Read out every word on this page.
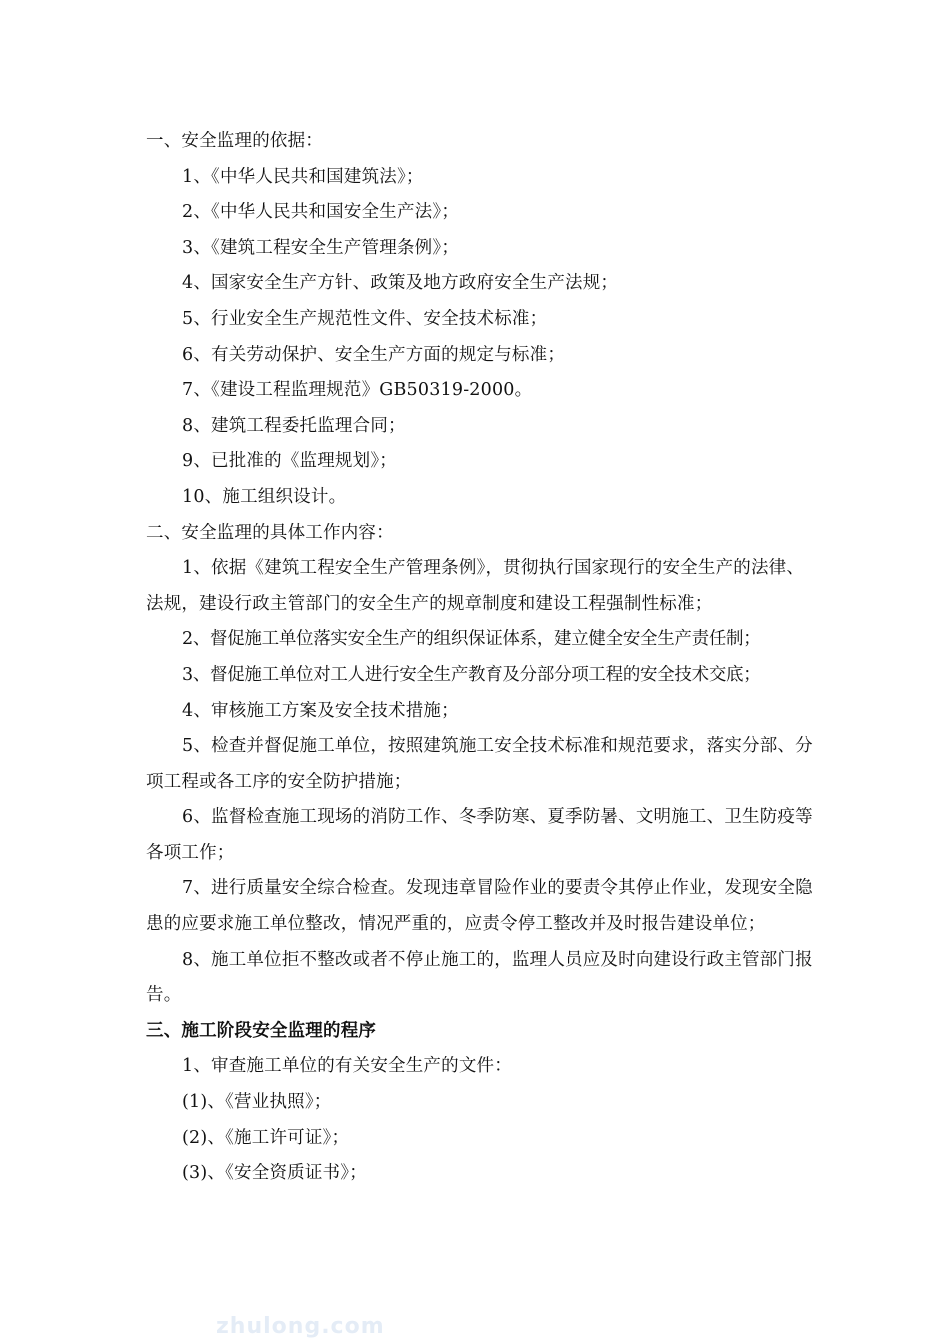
一、安全监理的依据：

1、《中华人民共和国建筑法》；

2、《中华人民共和国安全生产法》；

3、《建筑工程安全生产管理条例》；

4、国家安全生产方针、政策及地方政府安全生产法规；

5、行业安全生产规范性文件、安全技术标准；

6、有关劳动保护、安全生产方面的规定与标准；

7、《建设工程监理规范》GB50319-2000。

8、建筑工程委托监理合同；

9、已批准的《监理规划》；

10、施工组织设计。

二、安全监理的具体工作内容：

1、依据《建筑工程安全生产管理条例》，贯彻执行国家现行的安全生产的法律、法规，建设行政主管部门的安全生产的规章制度和建设工程强制性标准；

2、督促施工单位落实安全生产的组织保证体系，建立健全安全生产责任制；

3、督促施工单位对工人进行安全生产教育及分部分项工程的安全技术交底；

4、审核施工方案及安全技术措施；

5、检查并督促施工单位，按照建筑施工安全技术标准和规范要求，落实分部、分项工程或各工序的安全防护措施；

6、监督检查施工现场的消防工作、冬季防寒、夏季防暑、文明施工、卫生防疫等各项工作；

7、进行质量安全综合检查。发现违章冒险作业的要责令其停止作业，发现安全隐患的应要求施工单位整改，情况严重的，应责令停工整改并及时报告建设单位；

8、施工单位拒不整改或者不停止施工的，监理人员应及时向建设行政主管部门报告。

三、施工阶段安全监理的程序

1、审查施工单位的有关安全生产的文件：

(1)、《营业执照》；

(2)、《施工许可证》；

(3)、《安全资质证书》；

zhulong.com
